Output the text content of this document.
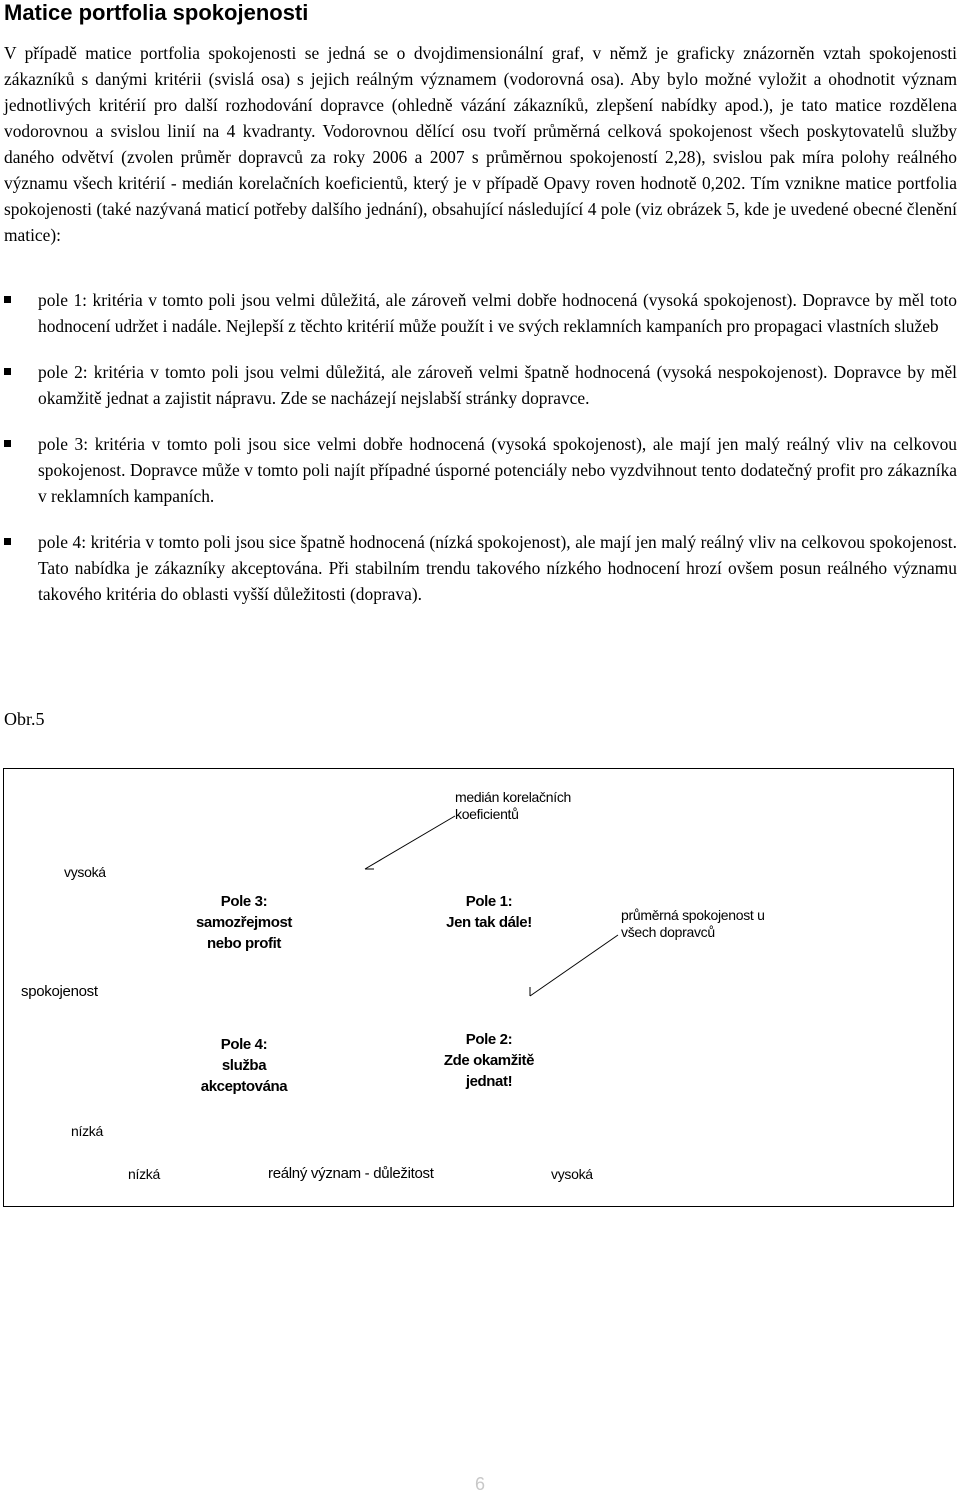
Matice portfolia spokojenosti

V případě matice portfolia spokojenosti se jedná se o dvojdimensionální graf, v němž je graficky znázorněn vztah spokojenosti zákazníků s danými kritérii (svislá osa) s jejich reálným významem (vodorovná osa). Aby bylo možné vyložit a ohodnotit význam jednotlivých kritérií pro další rozhodování dopravce (ohledně vázání zákazníků, zlepšení nabídky apod.), je tato matice rozdělena vodorovnou a svislou linií na 4 kvadranty. Vodorovnou dělící osu tvoří průměrná celková spokojenost všech poskytovatelů služby daného odvětví (zvolen průměr dopravců za roky 2006 a 2007 s průměrnou spokojeností 2,28), svislou pak míra polohy reálného významu všech kritérií - medián korelačních koeficientů, který je v případě Opavy roven hodnotě 0,202. Tím vznikne matice portfolia spokojenosti (také nazývaná maticí potřeby dalšího jednání), obsahující následující 4 pole (viz obrázek 5, kde je uvedené obecné členění matice):

pole 1: kritéria v tomto poli jsou velmi důležitá, ale zároveň velmi dobře hodnocená (vysoká spokojenost). Dopravce by měl toto hodnocení udržet i nadále. Nejlepší z těchto kritérií může použít i ve svých reklamních kampaních pro propagaci vlastních služeb
pole 2: kritéria v tomto poli jsou velmi důležitá, ale zároveň velmi špatně hodnocená (vysoká nespokojenost). Dopravce by měl okamžitě jednat a zajistit nápravu. Zde se nacházejí nejslabší stránky dopravce.
pole 3: kritéria v tomto poli jsou sice velmi dobře hodnocená (vysoká spokojenost), ale mají jen malý reálný vliv na celkovou spokojenost. Dopravce může v tomto poli najít případné úsporné potenciály nebo vyzdvihnout tento dodatečný profit pro zákazníka v reklamních kampaních.
pole 4: kritéria v tomto poli jsou sice špatně hodnocená (nízká spokojenost), ale mají jen malý reálný vliv na celkovou spokojenost. Tato nabídka je zákazníky akceptována. Při stabilním trendu takového nízkého hodnocení hrozí ovšem posun reálného významu takového kritéria do oblasti vyšší důležitosti (doprava).
Obr.5
medián korelačních koeficientů
průměrná spokojenost u všech dopravců
vysoká
spokojenost
nízká
nízká	reálný význam - důležitost	vysoká
Pole 3:
samozřejmost
nebo profit
Pole 1:
Jen tak dále!
Pole 4:
služba
akceptována
Pole 2:
Zde okamžitě
jednat!
6
